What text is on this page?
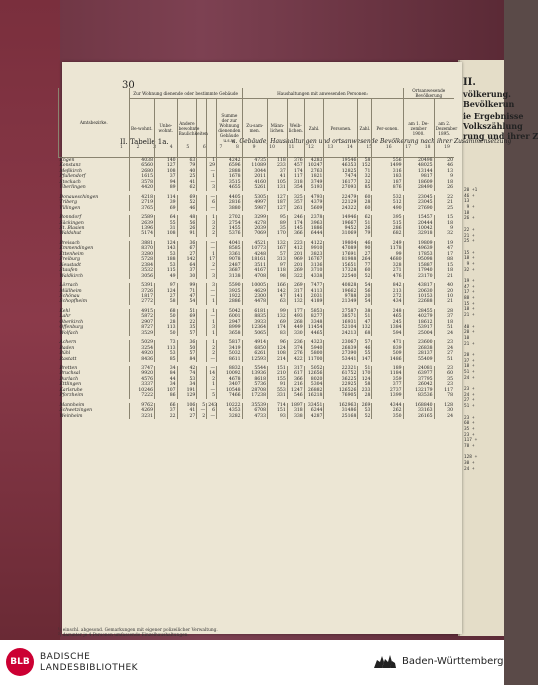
II.
völkerung.
Bevölkerun
ie Ergebnisse
Volkszählung
rung und ihrer Z
20 +1
46 +
13
9 +
18
26 +
22 +
21 +
25 +
15 +
18 +
9 +
32 +
19 +
47 +
17 +
88 +
15 +
18 +
21 +
40 +
20 +
10
21 +
28 +
37 +
18 +
51 +
24 +
23 +
24 +
27 +
51 +
23 +
60 +
35 +
23 +
117 +
78 +
128 +
30 +
24 +
30
II. Tabelle 1a.	a. Gebäude, Haushaltungen und ortsanwesende Bevölkerung nach ihrer Zusammensetzung
1	2	3	4	5	6	7	8	9	10	11	12	13	14	15	16	17	18	19
¹) einschl. abgesond. Gemarkungen mit eigener polizeilicher Verwaltung.
²) darunter je 4 Personen umfassende Einzelhaushaltungen.
BLB	BADISCHE
LANDESBIBLIOTHEK
Baden-Württemberg
Amtsbezirke.	Zur Wohnung dienende oder bestimmte Gebäude						Haushaltungen mit anwesenden Personen:							Ortsanwesende Bevölkerung	
	Be-wohnt.	Unbe-wohnt.	Andere bewohnte Baulichkeiten			Summe der zur Wohnung dienenden Gebäude u.s.w.	Zu-sam-men.	Männ-lichen.	Weib-lichen.	Zahl.	Personen.	Zahl.	Per-sonen.	am 1. De-zember 1900.	am 2. Dezember 1895.
Engen	4038	140	63		1	4242	4735	118	376	4283	19546	58	556	20498	20
Konstanz	6560	127	79		29	6596	11089	233	457	10247	46353	152	1499	48025	46
Meßkirch	2680	108	40		—	2888	3044	37	174	2763	12825	71	316	13144	13
Pfullendorf	1615	37	25		1	1678	2011	41	117	1821	7474	32	183	9817	9
Stockach	3578	94	41		—	3515	4160	105	318	3749	16177	32	187	18609	18
Überlingen	4420	89	62		3	4655	5261	131	354	5193	27093	85	876	28490	26

Donaueschingen	4218	114	69		—	4405	5305	127	325	4793	22479	60	532	23045	22
Triberg	2719	39	52		6	2816	4997	187	357	4379	22129	28	512	23045	21
Villingen	3765	69	46		—	3880	5987	127	261	5609	24322	60	490	27690	25

Bonndorf	2589	64	48		1	2702	3299	95	246	2378	14946	62	395	15457	15
Säckingen	2639	55	56		3	2754	4278	89	174	3963	19667	51	515	20444	18
St. Blasien	1396	31	26		2	1455	2039	35	145	1886	9452	26	286	10042	9
Waldshut	5174	108	91		2	5376	7069	170	366	6444	31069	79	682	32918	32

Breisach	3881	124	36		—	4041	4521	132	223	4122	19804	46	249	19809	19
Emmendingen	8370	143	67		—	8585	10773	167	412	9910	47089	90	1178	49639	47
Ettenheim	3280	53	27		1	3361	4248	57	201	3823	17691	27	99	17853	17
Freiburg	5728	188	142		17	9078	18161	313	969	16767	81988	264	4680	95098	88
Neustadt	2384	53	64		2	2487	3511	97	201	3136	15651	77	328	15887	15
Staufen	3532	115	37		—	3687	4167	118	269	3710	17328	60	271	17940	18
Waldkirch	3056	49	30		3	3138	4708	98	322	4338	22540	52	476	23170	21

Lörrach	5391	97	99		3	5590	10005	166	269	7477	40828	54	842	43817	40
Müllheim	3726	124	71		—	3925	4629	142	317	4113	19662	56	213	20630	20
Schönau	1817	27	47		—	1922	2300	47	141	2031	9788	20	272	10153	10
Schopfheim	2772	58	54		1	2886	4478	63	132	4189	21349	54	434	22688	21

Kehl	4915	68	51		1	5042	6181	99	177	5853	27587	38	248	28455	28
Lahr	5872	50	69		—	6001	8835	132	493	8277	38571	51	465	40279	37
Oberkirch	2907	28	22		1	2947	3933	69	268	3348	16931	47	245	18612	18
Offenburg	8727	113	35		3	8999	12364	174	449	11454	52104	132	1384	53917	51
Wolfach	3529	50	57		1	3658	5065	83	330	4465	24213	68	594	25004	24

Achern	5029	73	36		1	5817	4914	96	236	4323	23067	57	471	23600	23
Baden	3254	113	50		2	3419	6850	124	374	5940	26839	46	839	26838	24
Bühl	4920	53	57		2	5032	6261	108	276	5800	27390	55	509	28137	27
Rastatt	8436	85	84		—	8611	12593	214	422	11700	53441	147	1486	55409	51

Bretten	3747	34	42		—	8832	5544	151	317	5052	22321	51	189	24081	23
Bruchsal	9920	84	74		14	10092	13936	210	617	12656	61752	170	1184	63977	60
Durlach	4576	44	53		2	4678	8618	155	366	8020	36225	124	359	37795	35
Ettlingen	3337	34	34		1	3407	5736	91	216	5304	22925	58	377	26042	23
Karlsruhe	10246	107	191		—	10548	28708	553	1247	26882	126526	233	2737	132179	117
Pforzheim	7222	86	129		5	7466	17238	331	546	16218	76905	28	1399	83536	78

Mannheim	9762	66	106	5	243	10222	35539	714	1897	33451	162963	269	4344	168840	128
Schwetzingen	4269	37	41	—	6	4353	6708	151	318	6244	31486	53	262	33163	30
Weinheim	3231	22	27	2	—	3282	4733	93	338	4287	25168	52	350	26165	24
